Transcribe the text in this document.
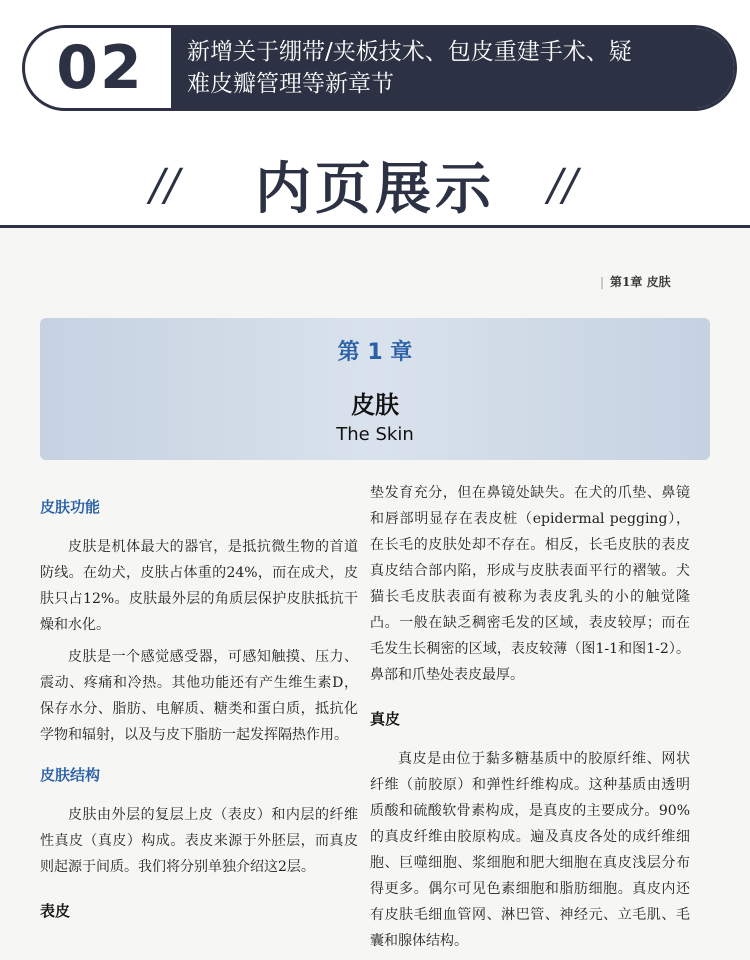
02	新增关于绷带/夹板技术、包皮重建手术、疑
难皮瓣管理等新章节
// 内页展示 //
| 第1章 皮肤
第 1 章
皮肤
The Skin
皮肤功能

皮肤是机体最大的器官，是抵抗微生物的首道防线。在幼犬，皮肤占体重的24%，而在成犬，皮肤只占12%。皮肤最外层的角质层保护皮肤抵抗干燥和水化。

皮肤是一个感觉感受器，可感知触摸、压力、震动、疼痛和冷热。其他功能还有产生维生素D，保存水分、脂肪、电解质、糖类和蛋白质，抵抗化学物和辐射，以及与皮下脂肪一起发挥隔热作用。

皮肤结构

皮肤由外层的复层上皮（表皮）和内层的纤维性真皮（真皮）构成。表皮来源于外胚层，而真皮则起源于间质。我们将分别单独介绍这2层。

表皮

垫发育充分，但在鼻镜处缺失。在犬的爪垫、鼻镜和唇部明显存在表皮桩（epidermal pegging），在长毛的皮肤处却不存在。相反，长毛皮肤的表皮真皮结合部内陷，形成与皮肤表面平行的褶皱。犬猫长毛皮肤表面有被称为表皮乳头的小的触觉隆凸。一般在缺乏稠密毛发的区域，表皮较厚；而在毛发生长稠密的区域，表皮较薄（图1-1和图1-2）。鼻部和爪垫处表皮最厚。

真皮

真皮是由位于黏多糖基质中的胶原纤维、网状纤维（前胶原）和弹性纤维构成。这种基质由透明质酸和硫酸软骨素构成，是真皮的主要成分。90%的真皮纤维由胶原构成。遍及真皮各处的成纤维细胞、巨噬细胞、浆细胞和肥大细胞在真皮浅层分布得更多。偶尔可见色素细胞和脂肪细胞。真皮内还有皮肤毛细血管网、淋巴管、神经元、立毛肌、毛囊和腺体结构。
